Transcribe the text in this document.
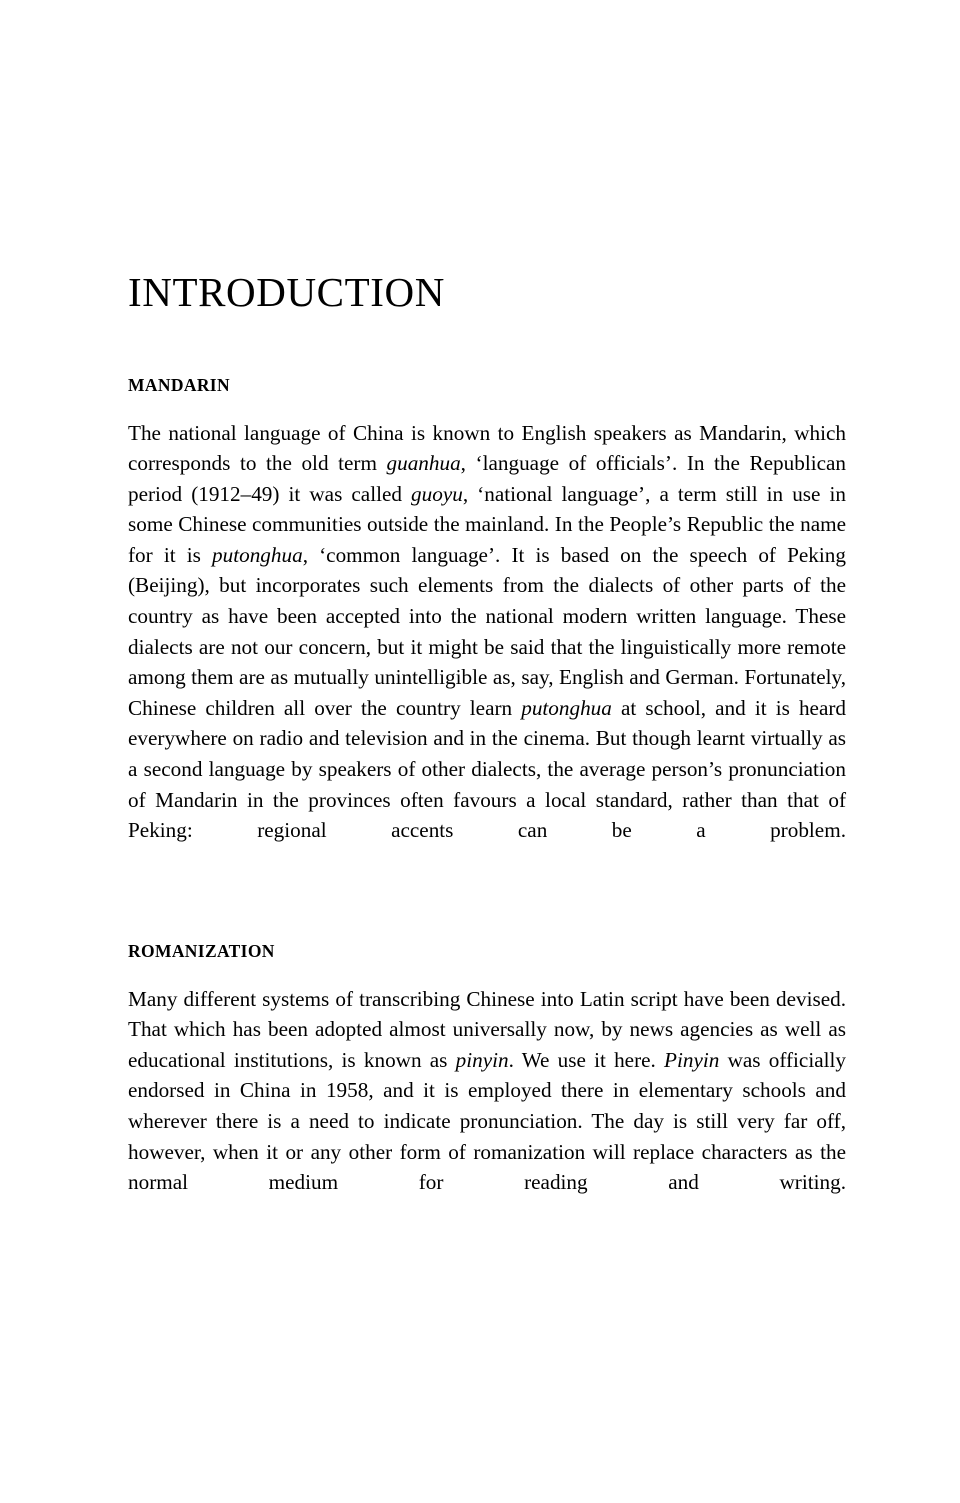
INTRODUCTION
MANDARIN

The national language of China is known to English speakers as Mandarin, which corresponds to the old term guanhua, ‘language of officials’. In the Republican period (1912–49) it was called guoyu, ‘national language’, a term still in use in some Chinese communities outside the mainland. In the People’s Republic the name for it is putonghua, ‘common language’. It is based on the speech of Peking (Beijing), but incorporates such elements from the dialects of other parts of the country as have been accepted into the national modern written language. These dialects are not our concern, but it might be said that the linguistically more remote among them are as mutually unintelligible as, say, English and German. Fortunately, Chinese children all over the country learn putonghua at school, and it is heard everywhere on radio and television and in the cinema. But though learnt virtually as a second language by speakers of other dialects, the average person’s pronunciation of Mandarin in the provinces often favours a local standard, rather than that of Peking: regional accents can be a problem.

ROMANIZATION

Many different systems of transcribing Chinese into Latin script have been devised. That which has been adopted almost universally now, by news agencies as well as educational institutions, is known as pinyin. We use it here. Pinyin was officially endorsed in China in 1958, and it is employed there in elementary schools and wherever there is a need to indicate pronunciation. The day is still very far off, however, when it or any other form of romanization will replace characters as the normal medium for reading and writing.
